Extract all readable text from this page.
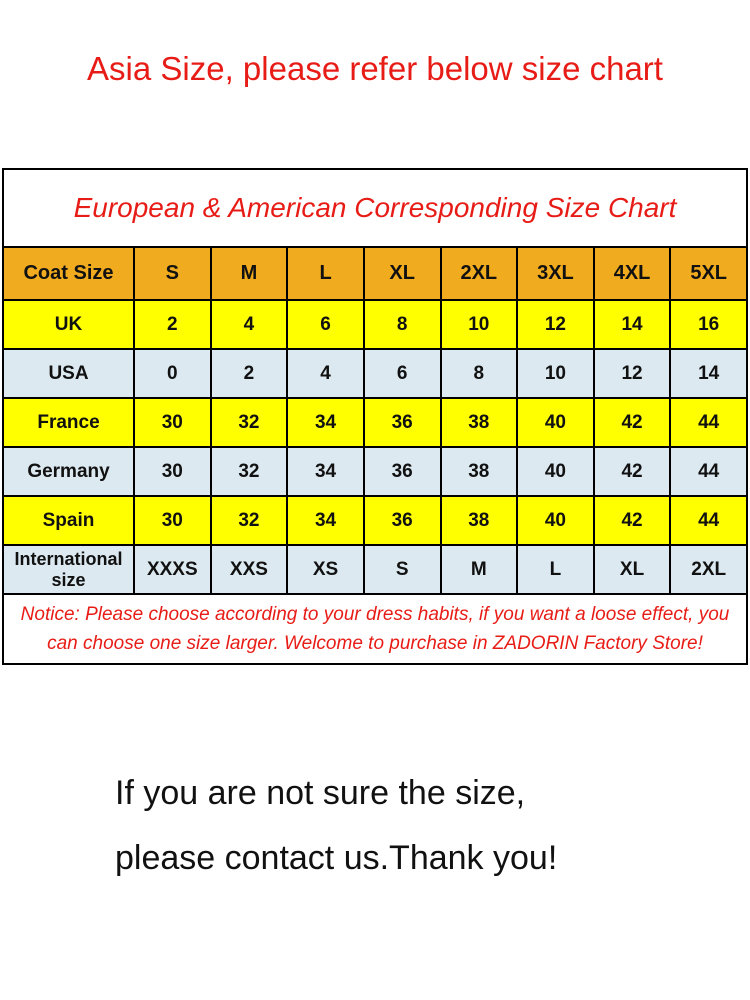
Asia Size, please refer below size chart
European & American Corresponding Size Chart								
Coat Size	S	M	L	XL	2XL	3XL	4XL	5XL
UK	2	4	6	8	10	12	14	16
USA	0	2	4	6	8	10	12	14
France	30	32	34	36	38	40	42	44
Germany	30	32	34	36	38	40	42	44
Spain	30	32	34	36	38	40	42	44
International size	XXXS	XXS	XS	S	M	L	XL	2XL

Notice: Please choose according to your dress habits, if you want a loose effect, you
can choose one size larger. Welcome to purchase in ZADORIN Factory Store!								

If you are not sure the size,

please contact us.Thank you!
